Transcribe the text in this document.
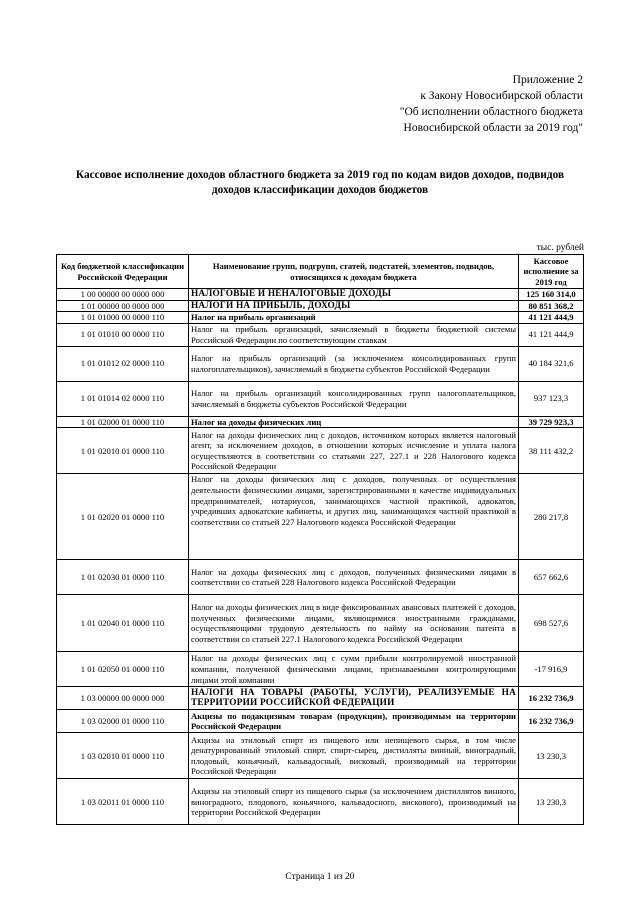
Приложение 2
к Закону Новосибирской области
"Об исполнении областного бюджета
Новосибирской области за 2019 год"
Кассовое исполнение доходов областного бюджета за 2019 год по кодам видов доходов, подвидов
доходов классификации доходов бюджетов
тыс. рублей
Код бюджетной классификации Российской Федерации	Наименование групп, подгрупп, статей, подстатей, элементов, подвидов, относящихся к доходам бюджета	Кассовое исполнение за 2019 год
1 00 00000 00 0000 000	НАЛОГОВЫЕ И НЕНАЛОГОВЫЕ ДОХОДЫ	125 160 314,0
1 01 00000 00 0000 000	НАЛОГИ НА ПРИБЫЛЬ, ДОХОДЫ	80 851 368,2
1 01 01000 00 0000 110	Налог на прибыль организаций	41 121 444,9
1 01 01010 00 0000 110	Налог на прибыль организаций, зачисляемый в бюджеты бюджетной системы Российской Федерации по соответствующим ставкам	41 121 444,9
1 01 01012 02 0000 110	Налог на прибыль организаций (за исключением консолидированных групп налогоплательщиков), зачисляемый в бюджеты субъектов Российской Федерации	40 184 321,6
1 01 01014 02 0000 110	Налог на прибыль организаций консолидированных групп налогоплательщиков, зачисляемый в бюджеты субъектов Российской Федерации	937 123,3
1 01 02000 01 0000 110	Налог на доходы физических лиц	39 729 923,3
1 01 02010 01 0000 110	Налог на доходы физических лиц с доходов, источником которых является налоговый агент, за исключением доходов, в отношении которых исчисление и уплата налога осуществляются в соответствии со статьями 227, 227.1 и 228 Налогового кодекса Российской Федерации	38 111 432,2
1 01 02020 01 0000 110	Налог на доходы физических лиц с доходов, полученных от осуществления деятельности физическими лицами, зарегистрированными в качестве индивидуальных предпринимателей, нотариусов, занимающихся частной практикой, адвокатов, учредивших адвокатские кабинеты, и других лиц, занимающихся частной практикой в соответствии со статьей 227 Налогового кодекса Российской Федерации	280 217,8
1 01 02030 01 0000 110	Налог на доходы физических лиц с доходов, полученных физическими лицами в соответствии со статьей 228 Налогового кодекса Российской Федерации	657 662,6
1 01 02040 01 0000 110	Налог на доходы физических лиц в виде фиксированных авансовых платежей с доходов, полученных физическими лицами, являющимися иностранными гражданами, осуществляющими трудовую деятельность по найму на основании патента в соответствии со статьей 227.1 Налогового кодекса Российской Федерации	698 527,6
1 01 02050 01 0000 110	Налог на доходы физических лиц с сумм прибыли контролируемой иностранной компании, полученной физическими лицами, признаваемыми контролирующими лицами этой компании	-17 916,9
1 03 00000 00 0000 000	НАЛОГИ НА ТОВАРЫ (РАБОТЫ, УСЛУГИ), РЕАЛИЗУЕМЫЕ НА ТЕРРИТОРИИ РОССИЙСКОЙ ФЕДЕРАЦИИ	16 232 736,9
1 03 02000 01 0000 110	Акцизы по подакцизным товарам (продукции), производимым на территории Российской Федерации	16 232 736,9
1 03 02010 01 0000 110	Акцизы на этиловый спирт из пищевого или непищевого сырья, в том числе денатурированный этиловый спирт, спирт-сырец, дистилляты винный, виноградный, плодовый, коньячный, кальвадосный, висковый, производимый на территории Российской Федерации	13 230,3
1 03 02011 01 0000 110	Акцизы на этиловый спирт из пищевого сырья (за исключением дистиллятов винного, виноградного, плодового, коньячного, кальвадосного, вискового), производимый на территории Российской Федерации	13 230,3
Страница 1 из 20
